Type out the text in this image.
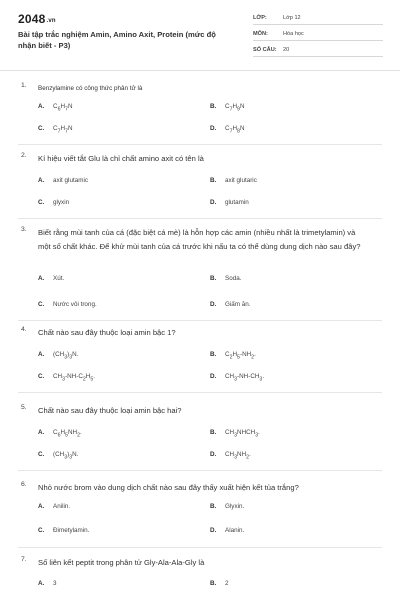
2048.vn
Bài tập trắc nghiệm Amin, Amino Axit, Protein (mức độ nhận biết - P3)
LỚP:	Lớp 12
MÔN:	Hóa học
SỐ CÂU: 20
1. Benzylamine có công thức phân tử là
A. $C_6H_7N$	B. $C_7H_9N$
C. $C_7H_7N$	D. $C_7H_8N$
2. Kí hiệu viết tắt Glu là chỉ chất amino axit có tên là
A. axit glutamic	B. axit glutaric
C. glyxin	D. glutamin
3. Biết rằng mùi tanh của cá (đặc biệt cá mè) là hỗn hợp các amin (nhiều nhất là trimetylamin) và một số chất khác. Để khử mùi tanh của cá trước khi nấu ta có thể dùng dung dịch nào sau đây?
A. Xút.	B. Soda.
C. Nước vôi trong.	D. Giấm ăn.
4. Chất nào sau đây thuộc loại amin bậc 1?
A. $(CH_3)_3N$.	B. $C_2H_5-NH_2$.
C. $CH_3-NH-C_2H_5$.	D. $CH_3-NH-CH_3$.
5. Chất nào sau đây thuộc loại amin bậc hai?
A. $C_6H_5NH_2$.	B. $CH_3NHCH_3$.
C. $(CH_3)_3N$.	D. $CH_3NH_2$.
6. Nhỏ nước brom vào dung dịch chất nào sau đây thấy xuất hiện kết tủa trắng?
A. Anilin.	B. Glyxin.
C. Đimetylamin.	D. Alanin.
7. Số liên kết peptit trong phân tử Gly-Ala-Ala-Gly là
A. 3	B. 2
